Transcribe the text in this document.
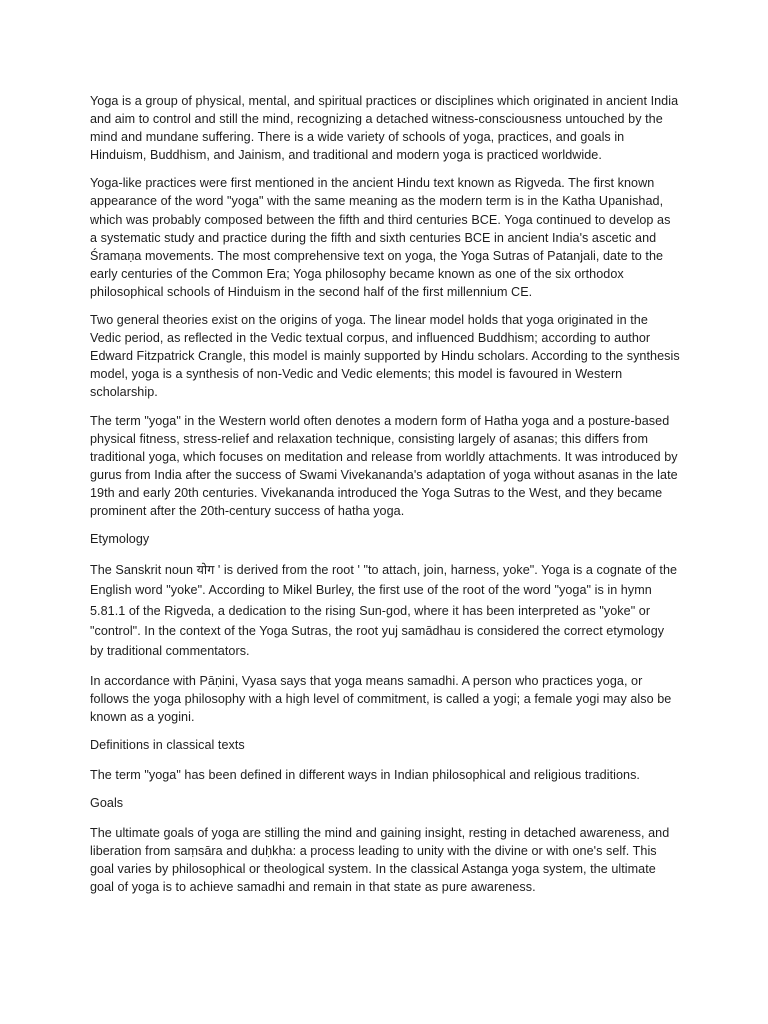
Yoga is a group of physical, mental, and spiritual practices or disciplines which originated in ancient India and aim to control and still the mind, recognizing a detached witness-consciousness untouched by the mind and mundane suffering. There is a wide variety of schools of yoga, practices, and goals in Hinduism, Buddhism, and Jainism, and traditional and modern yoga is practiced worldwide.

Yoga-like practices were first mentioned in the ancient Hindu text known as Rigveda. The first known appearance of the word "yoga" with the same meaning as the modern term is in the Katha Upanishad, which was probably composed between the fifth and third centuries BCE. Yoga continued to develop as a systematic study and practice during the fifth and sixth centuries BCE in ancient India's ascetic and Śramaṇa movements. The most comprehensive text on yoga, the Yoga Sutras of Patanjali, date to the early centuries of the Common Era; Yoga philosophy became known as one of the six orthodox philosophical schools of Hinduism in the second half of the first millennium CE.

Two general theories exist on the origins of yoga. The linear model holds that yoga originated in the Vedic period, as reflected in the Vedic textual corpus, and influenced Buddhism; according to author Edward Fitzpatrick Crangle, this model is mainly supported by Hindu scholars. According to the synthesis model, yoga is a synthesis of non-Vedic and Vedic elements; this model is favoured in Western scholarship.

The term "yoga" in the Western world often denotes a modern form of Hatha yoga and a posture-based physical fitness, stress-relief and relaxation technique, consisting largely of asanas; this differs from traditional yoga, which focuses on meditation and release from worldly attachments. It was introduced by gurus from India after the success of Swami Vivekananda's adaptation of yoga without asanas in the late 19th and early 20th centuries. Vivekananda introduced the Yoga Sutras to the West, and they became prominent after the 20th-century success of hatha yoga.

Etymology

The Sanskrit noun योग ' is derived from the root ' "to attach, join, harness, yoke". Yoga is a cognate of the English word "yoke". According to Mikel Burley, the first use of the root of the word "yoga" is in hymn 5.81.1 of the Rigveda, a dedication to the rising Sun-god, where it has been interpreted as "yoke" or "control". In the context of the Yoga Sutras, the root yuj samādhau is considered the correct etymology by traditional commentators.

In accordance with Pāṇini, Vyasa says that yoga means samadhi. A person who practices yoga, or follows the yoga philosophy with a high level of commitment, is called a yogi; a female yogi may also be known as a yogini.

Definitions in classical texts

The term "yoga" has been defined in different ways in Indian philosophical and religious traditions.

Goals

The ultimate goals of yoga are stilling the mind and gaining insight, resting in detached awareness, and liberation from saṃsāra and duḥkha: a process leading to unity with the divine or with one's self. This goal varies by philosophical or theological system. In the classical Astanga yoga system, the ultimate goal of yoga is to achieve samadhi and remain in that state as pure awareness.
